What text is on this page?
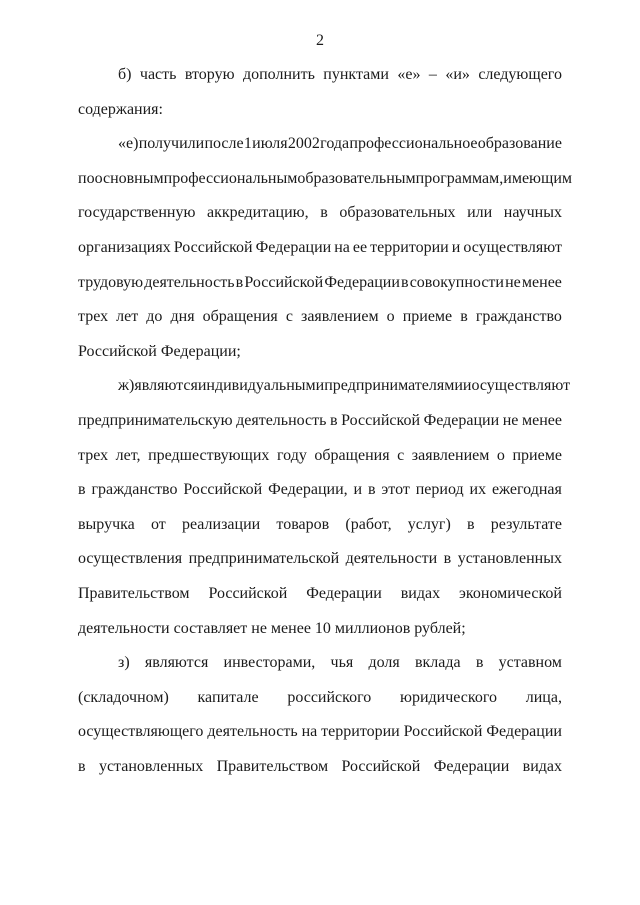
2
б) часть вторую дополнить пунктами «е» – «и» следующего
содержания:
«е) получили после 1 июля 2002 года профессиональное образование
по основным профессиональным образовательным программам, имеющим
государственную аккредитацию, в образовательных или научных
организациях Российской Федерации на ее территории и осуществляют
трудовую деятельность в Российской Федерации в совокупности не менее
трех лет до дня обращения с заявлением о приеме в гражданство
Российской Федерации;
ж) являются индивидуальными предпринимателями и осуществляют
предпринимательскую деятельность в Российской Федерации не менее
трех лет, предшествующих году обращения с заявлением о приеме
в гражданство Российской Федерации, и в этот период их ежегодная
выручка от реализации товаров (работ, услуг) в результате
осуществления предпринимательской деятельности в установленных
Правительством Российской Федерации видах экономической
деятельности составляет не менее 10 миллионов рублей;
з) являются инвесторами, чья доля вклада в уставном
(складочном) капитале российского юридического лица,
осуществляющего деятельность на территории Российской Федерации
в установленных Правительством Российской Федерации видах
